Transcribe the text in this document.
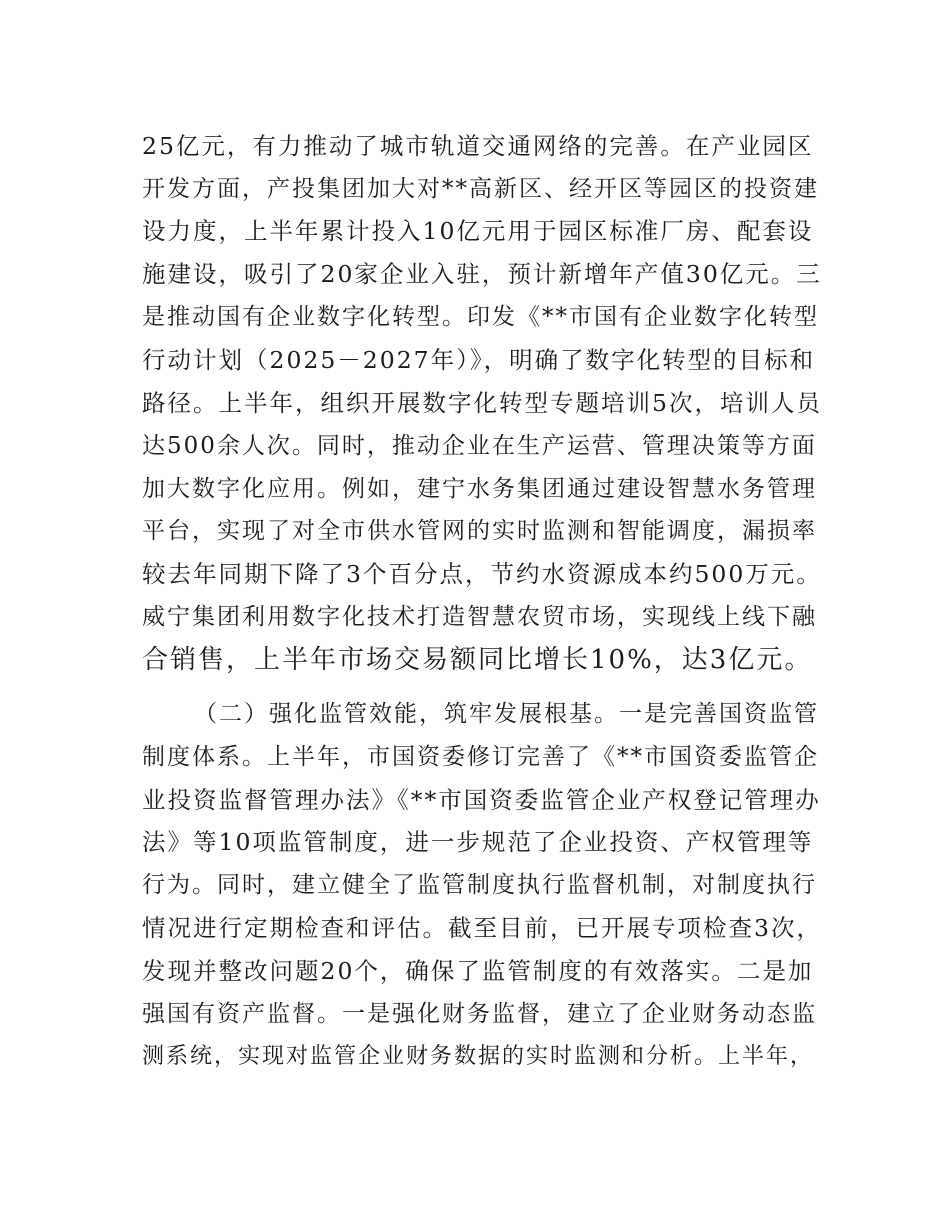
25亿元，有力推动了城市轨道交通网络的完善。在产业园区
开发方面，产投集团加大对**高新区、经开区等园区的投资建
设力度，上半年累计投入10亿元用于园区标准厂房、配套设
施建设，吸引了20家企业入驻，预计新增年产值30亿元。三
是推动国有企业数字化转型。印发《**市国有企业数字化转型
行动计划（2025－2027年）》，明确了数字化转型的目标和
路径。上半年，组织开展数字化转型专题培训5次，培训人员
达500余人次。同时，推动企业在生产运营、管理决策等方面
加大数字化应用。例如，建宁水务集团通过建设智慧水务管理
平台，实现了对全市供水管网的实时监测和智能调度，漏损率
较去年同期下降了3个百分点，节约水资源成本约500万元。
威宁集团利用数字化技术打造智慧农贸市场，实现线上线下融
合销售，上半年市场交易额同比增长10%，达3亿元。
（二）强化监管效能，筑牢发展根基。一是完善国资监管
制度体系。上半年，市国资委修订完善了《**市国资委监管企
业投资监督管理办法》《**市国资委监管企业产权登记管理办
法》等10项监管制度，进一步规范了企业投资、产权管理等
行为。同时，建立健全了监管制度执行监督机制，对制度执行
情况进行定期检查和评估。截至目前，已开展专项检查3次，
发现并整改问题20个，确保了监管制度的有效落实。二是加
强国有资产监督。一是强化财务监督，建立了企业财务动态监
测系统，实现对监管企业财务数据的实时监测和分析。上半年，
